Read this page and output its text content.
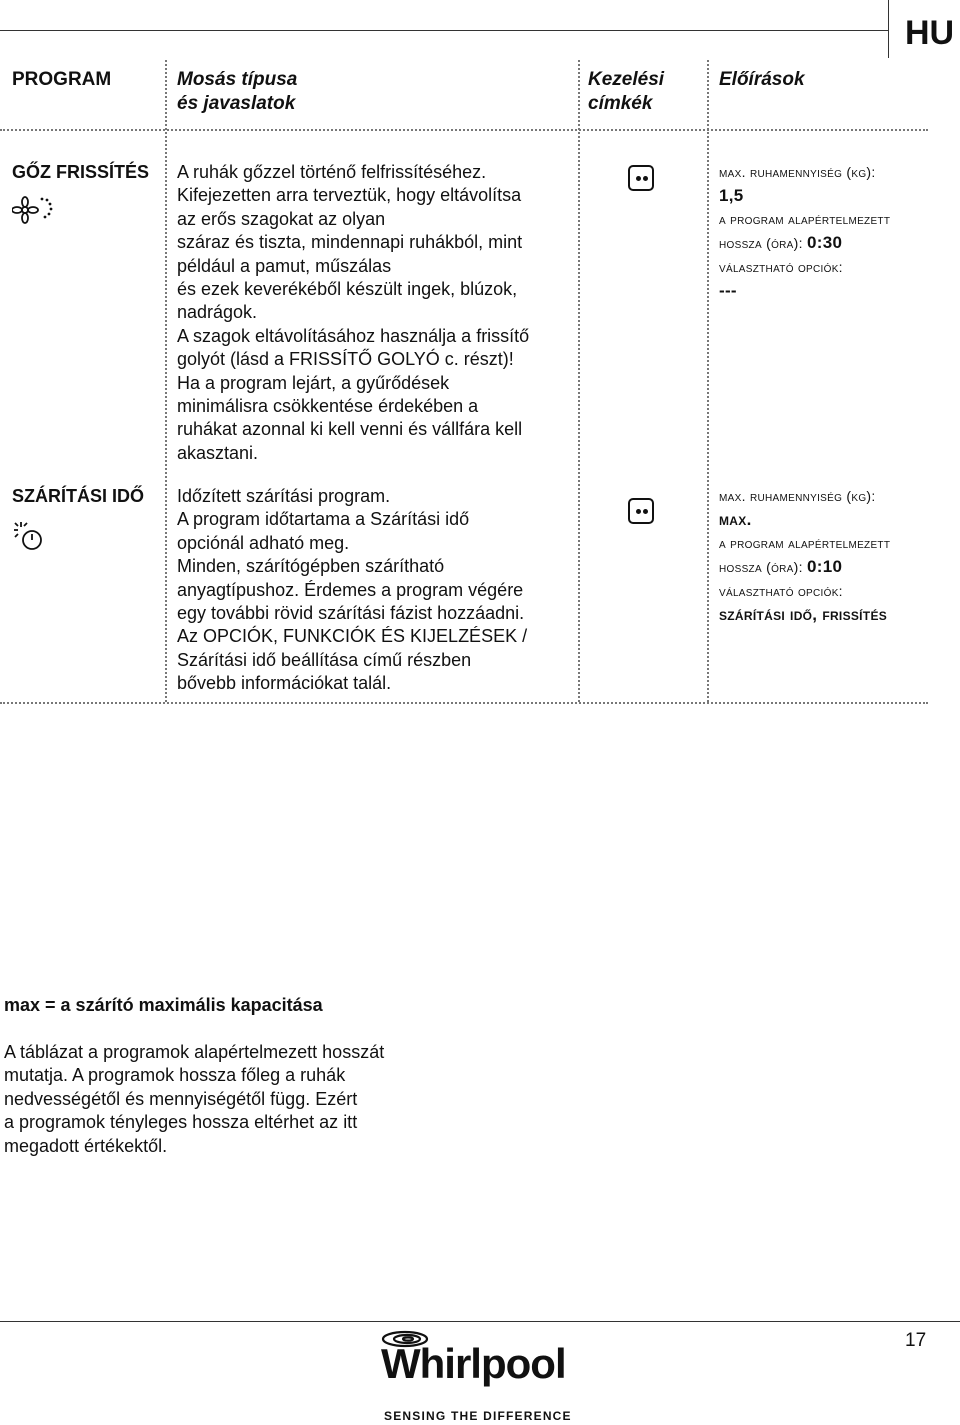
HU
PROGRAM	Mosás típusa
és javaslatok
Kezelési
címkék
Előírások
GŐZ FRISSÍTÉS A ruhák gőzzel történő felfrissítéséhez.
Kifejezetten arra terveztük, hogy eltávolítsa
az erős szagokat az olyan
száraz és tiszta, mindennapi ruhákból, mint
például a pamut, műszálas
és ezek keverékéből készült ingek, blúzok,
nadrágok.
A szagok eltávolításához használja a frissítő
golyót (lásd a FRISSÍTŐ GOLYÓ c. részt)!
Ha a program lejárt, a gyűrődések
minimálisra csökkentése érdekében a
ruhákat azonnal ki kell venni és vállfára kell
akasztani.
max. ruhamennyiség (kg):
1,5
a program alapértelmezett
hossza (óra): 0:30
választható opciók:
---
SZÁRÍTÁSI IDŐ Időzített szárítási program.
A program időtartama a Szárítási idő
opciónál adható meg.
Minden, szárítógépben szárítható
anyagtípushoz. Érdemes a program végére
egy további rövid szárítási fázist hozzáadni.
Az OPCIÓK, FUNKCIÓK ÉS KIJELZÉSEK /
Szárítási idő beállítása című részben
bővebb információkat talál.
max. ruhamennyiség (kg):
max.
a program alapértelmezett
hossza (óra): 0:10
választható opciók:
szárítási idő, frissítés
max = a szárító maximális kapacitása
A táblázat a programok alapértelmezett hosszát
mutatja. A programok hossza főleg a ruhák
nedvességétől és mennyiségétől függ. Ezért
a programok tényleges hossza eltérhet az itt
megadott értékektől.
17
Whirlpool
SENSING THE DIFFERENCE
